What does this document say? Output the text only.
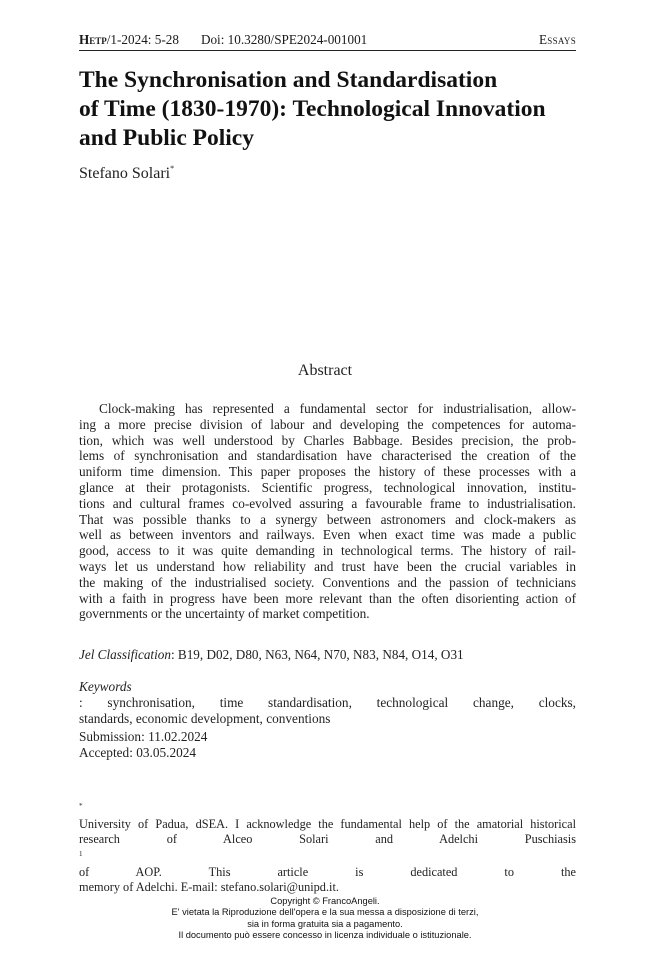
Hetp/1-2024: 5-28 Doi: 10.3280/SPE2024-001001	Essays
The Synchronisation and Standardisation
of Time (1830-1970): Technological Innovation
and Public Policy
Stefano Solari*
Abstract

Clock-making has represented a fundamental sector for industrialisation, allow-
ing a more precise division of labour and developing the competences for automa-
tion, which was well understood by Charles Babbage. Besides precision, the prob-
lems of synchronisation and standardisation have characterised the creation of the
uniform time dimension. This paper proposes the history of these processes with a
glance at their protagonists. Scientific progress, technological innovation, institu-
tions and cultural frames co-evolved assuring a favourable frame to industrialisation.
That was possible thanks to a synergy between astronomers and clock-makers as
well as between inventors and railways. Even when exact time was made a public
good, access to it was quite demanding in technological terms. The history of rail-
ways let us understand how reliability and trust have been the crucial variables in
the making of the industrialised society. Conventions and the passion of technicians
with a faith in progress have been more relevant than the often disorienting action of
governments or the uncertainty of market competition.

Jel Classification: B19, D02, D80, N63, N64, N70, N83, N84, O14, O31

Keywords
: synchronisation, time standardisation, technological change, clocks,
standards, economic development, conventions

Submission: 11.02.2024
Accepted: 03.05.2024

*
University of Padua, dSEA. I acknowledge the fundamental help of the amatorial historical
research of Alceo Solari and Adelchi Puschiasis
$^1$
of AOP. This article is dedicated to the
memory of Adelchi. E-mail: stefano.solari@unipd.it.

Copyright © FrancoAngeli.
E' vietata la Riproduzione dell'opera e la sua messa a disposizione di terzi,
sia in forma gratuita sia a pagamento.
Il documento può essere concesso in licenza individuale o istituzionale.
